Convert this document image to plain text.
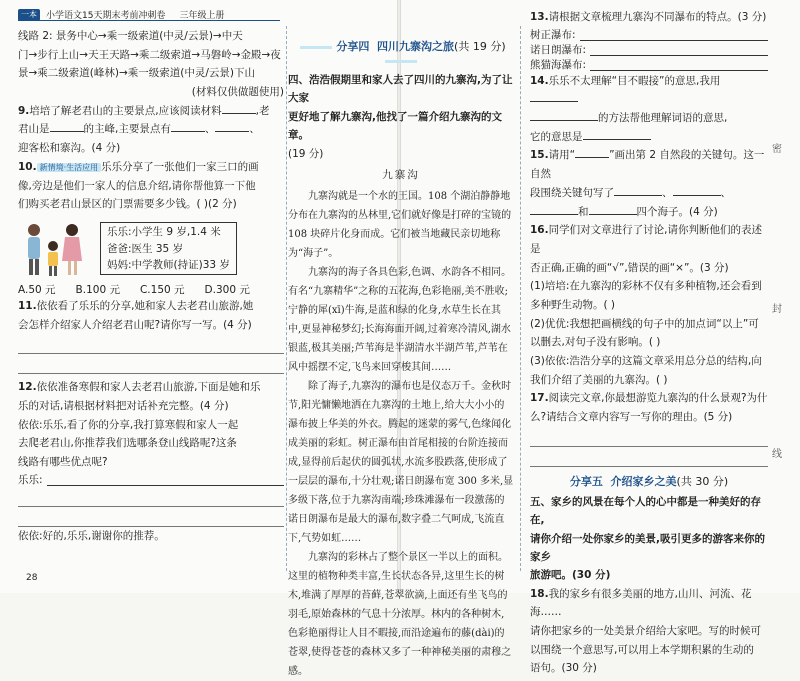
一本	小学语文15天期末考前冲刺卷 三年级上册

线路 2: 景务中心→乘一级索道(中灵/云景)→中天

门→步行上山→天王天路→乘二级索道→马磐岭→金殿→夜

景→乘二级索道(峰林)→乘一级索道(中灵/云景)下山

(材料仅供做题使用)

9.培培了解老君山的主要景点,应该阅读材料	,老

君山是	的主峰,主要景点有	、	、

迎客松和寨沟。(4 分)

10. 新情境·生活应用 乐乐分享了一张他们一家三口的画

像,旁边是他们一家人的信息介绍,请你帮他算一下他

们购买老君山景区的门票需要多少钱。( )(2 分)

乐乐:小学生 9 岁,1.4 米

爸爸:医生 35 岁

妈妈:中学教师(持证)33 岁

A.50 元 B.100 元 C.150 元 D.300 元

11.依依看了乐乐的分享,她和家人去老君山旅游,她

会怎样介绍家人介绍老君山呢?请你写一写。(4 分)

12.依依准备寒假和家人去老君山旅游,下面是她和乐

乐的对话,请根据材料把对话补充完整。(4 分)

依依:乐乐,看了你的分享,我打算寒假和家人一起

去爬老君山,你推荐我们选哪条登山线路呢?这条

线路有哪些优点呢?

乐乐:

依依:好的,乐乐,谢谢你的推荐。

28
分享四 四川九寨沟之旅(共 19 分)

四、浩浩假期里和家人去了四川的九寨沟,为了让大家

更好地了解九寨沟,他找了一篇介绍九寨沟的文章。

(19 分)

九寨沟

九寨沟就是一个水的王国。108 个湖泊静静地分布在九寨沟的丛林里,它们就好像是打碎的宝镜的 108 块碎片化身而成。它们被当地藏民亲切地称为“海子”。

九寨沟的海子各具色彩,色调、水韵各不相同。有名“九寨精华”之称的五花海,色彩艳丽,美不胜收;宁静的犀(xī)牛海,是蓝和绿的化身,水草生长在其中,更显神秘梦幻;长海海面开阔,过着寒冷清风,湖水银蓝,极其美丽;芦苇海是半湖清水半湖芦苇,芦苇在风中摇摆不定,飞鸟来回穿梭其间……

除了海子,九寨沟的瀑布也是仪态万千。金秋时节,阳光慵懒地洒在九寨沟的土地上,给大大小小的瀑布披上华美的外衣。腾起的迷蒙的雾气,色缘闻化成美丽的彩虹。树正瀑布由首尾相接的台阶连接而成,显得前后起伏的圆弧状,水流多股跌落,使形成了一层层的瀑布,十分壮观;诺日朗瀑布宽 300 多米,显多级下落,位于九寨沟南端;珍珠滩瀑布一段激荡的诺日朗瀑布是最大的瀑布,数字叠二气呵成,飞流直下,气势如虹……

九寨沟的彩林占了整个景区一半以上的面积。这里的植物种类丰富,生长状态各异,这里生长的树木,堆满了厚厚的苔藓,苍翠欲滴,上面还有坐飞鸟的羽毛,原始森林的气息十分浓厚。林内的各种树木,色彩艳丽得让人目不暇接,而沿途遍布的藤(dài)的苍翠,使得苍苍的森林又多了一种神秘美丽的肃穆之感。

13.请根据文章梳理九寨沟不同瀑布的特点。(3 分)

树正瀑布:
诺日朗瀑布:
熊猫海瀑布:

14.乐乐不太理解“目不暇接”的意思,我用

的方法帮他理解词语的意思,

它的意思是

15.请用“	”画出第 2 自然段的关键句。这一自然

段围绕关键句写了	、	、

和	四个海子。(4 分)

16.同学们对文章进行了讨论,请你判断他们的表述是

否正确,正确的画“√”,错误的画“×”。(3 分)

(1)培培:在九寨沟的彩林不仅有多种植物,还会看到多种野生动物。( )

(2)优优:我想把画横线的句子中的加点词“以上”可以删去,对句子没有影响。( )

(3)依依:浩浩分享的这篇文章采用总分总的结构,向我们介绍了美丽的九寨沟。( )

17.阅读完文章,你最想游览九寨沟的什么景观?为什

么?请结合文章内容写一写你的理由。(5 分)

分享五 介绍家乡之美(共 30 分)

五、家乡的风景在每个人的心中都是一种美好的存在,

请你介绍一处你家乡的美景,吸引更多的游客来你的家乡

旅游吧。(30 分)

18.我的家乡有很多美丽的地方,山川、河流、花海……

请你把家乡的一处美景介绍给大家吧。写的时候可

以围绕一个意思写,可以用上本学期积累的生动的

语句。(30 分)

密
封
线
